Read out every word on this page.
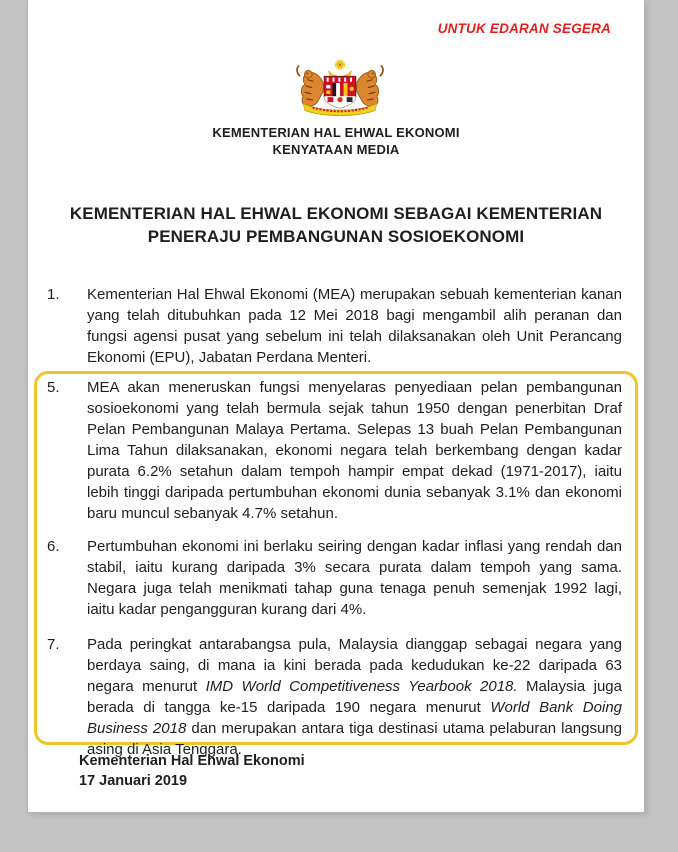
UNTUK EDARAN SEGERA
KEMENTERIAN HAL EHWAL EKONOMI
KENYATAAN MEDIA
KEMENTERIAN HAL EHWAL EKONOMI SEBAGAI KEMENTERIAN
PENERAJU PEMBANGUNAN SOSIOEKONOMI
1.	Kementerian Hal Ehwal Ekonomi (MEA) merupakan sebuah kementerian kanan yang telah ditubuhkan pada 12 Mei 2018 bagi mengambil alih peranan dan fungsi agensi pusat yang sebelum ini telah dilaksanakan oleh Unit Perancang Ekonomi (EPU), Jabatan Perdana Menteri.
5.	MEA akan meneruskan fungsi menyelaras penyediaan pelan pembangunan sosioekonomi yang telah bermula sejak tahun 1950 dengan penerbitan Draf Pelan Pembangunan Malaya Pertama. Selepas 13 buah Pelan Pembangunan Lima Tahun dilaksanakan, ekonomi negara telah berkembang dengan kadar purata 6.2% setahun dalam tempoh hampir empat dekad (1971-2017), iaitu lebih tinggi daripada pertumbuhan ekonomi dunia sebanyak 3.1% dan ekonomi baru muncul sebanyak 4.7% setahun.
6.	Pertumbuhan ekonomi ini berlaku seiring dengan kadar inflasi yang rendah dan stabil, iaitu kurang daripada 3% secara purata dalam tempoh yang sama. Negara juga telah menikmati tahap guna tenaga penuh semenjak 1992 lagi, iaitu kadar pengangguran kurang dari 4%.
7.	Pada peringkat antarabangsa pula, Malaysia dianggap sebagai negara yang berdaya saing, di mana ia kini berada pada kedudukan ke-22 daripada 63 negara menurut IMD World Competitiveness Yearbook 2018. Malaysia juga berada di tangga ke-15 daripada 190 negara menurut World Bank Doing Business 2018 dan merupakan antara tiga destinasi utama pelaburan langsung asing di Asia Tenggara.
Kementerian Hal Ehwal Ekonomi
17 Januari 2019
